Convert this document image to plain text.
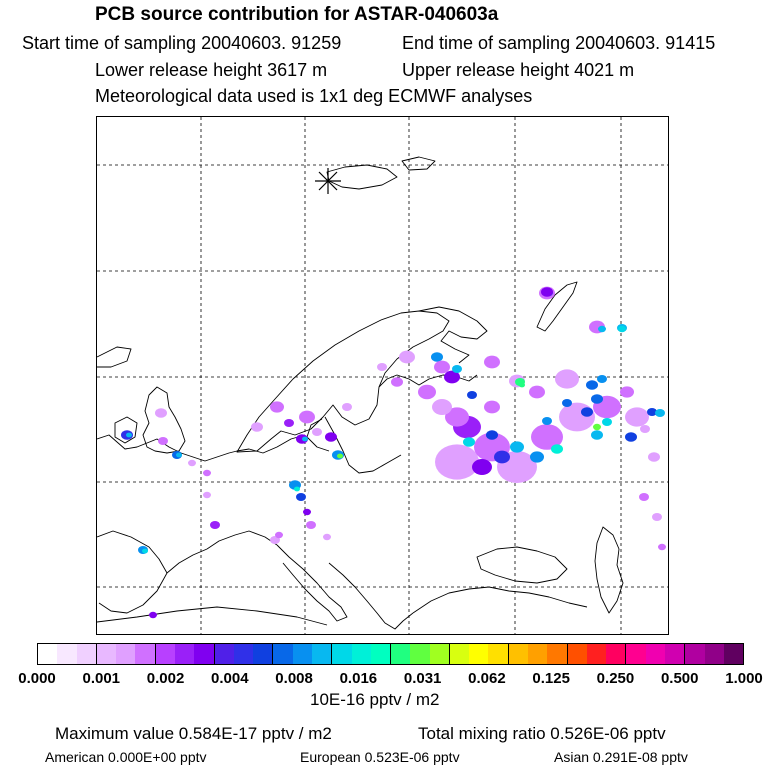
PCB source contribution for ASTAR-040603a
Start time of sampling 20040603. 91259	End time of sampling 20040603. 91415
Lower release height 3617 m	Upper release height 4021 m
Meteorological data used is 1x1 deg ECMWF analyses
0.000 0.001 0.002 0.004 0.008 0.016 0.031 0.062 0.125 0.250 0.500 1.000
10E-16 pptv / m2
Maximum value 0.584E-17 pptv / m2	Total mixing ratio 0.526E-06 pptv
American 0.000E+00 pptv	European 0.523E-06 pptv	Asian 0.291E-08 pptv
